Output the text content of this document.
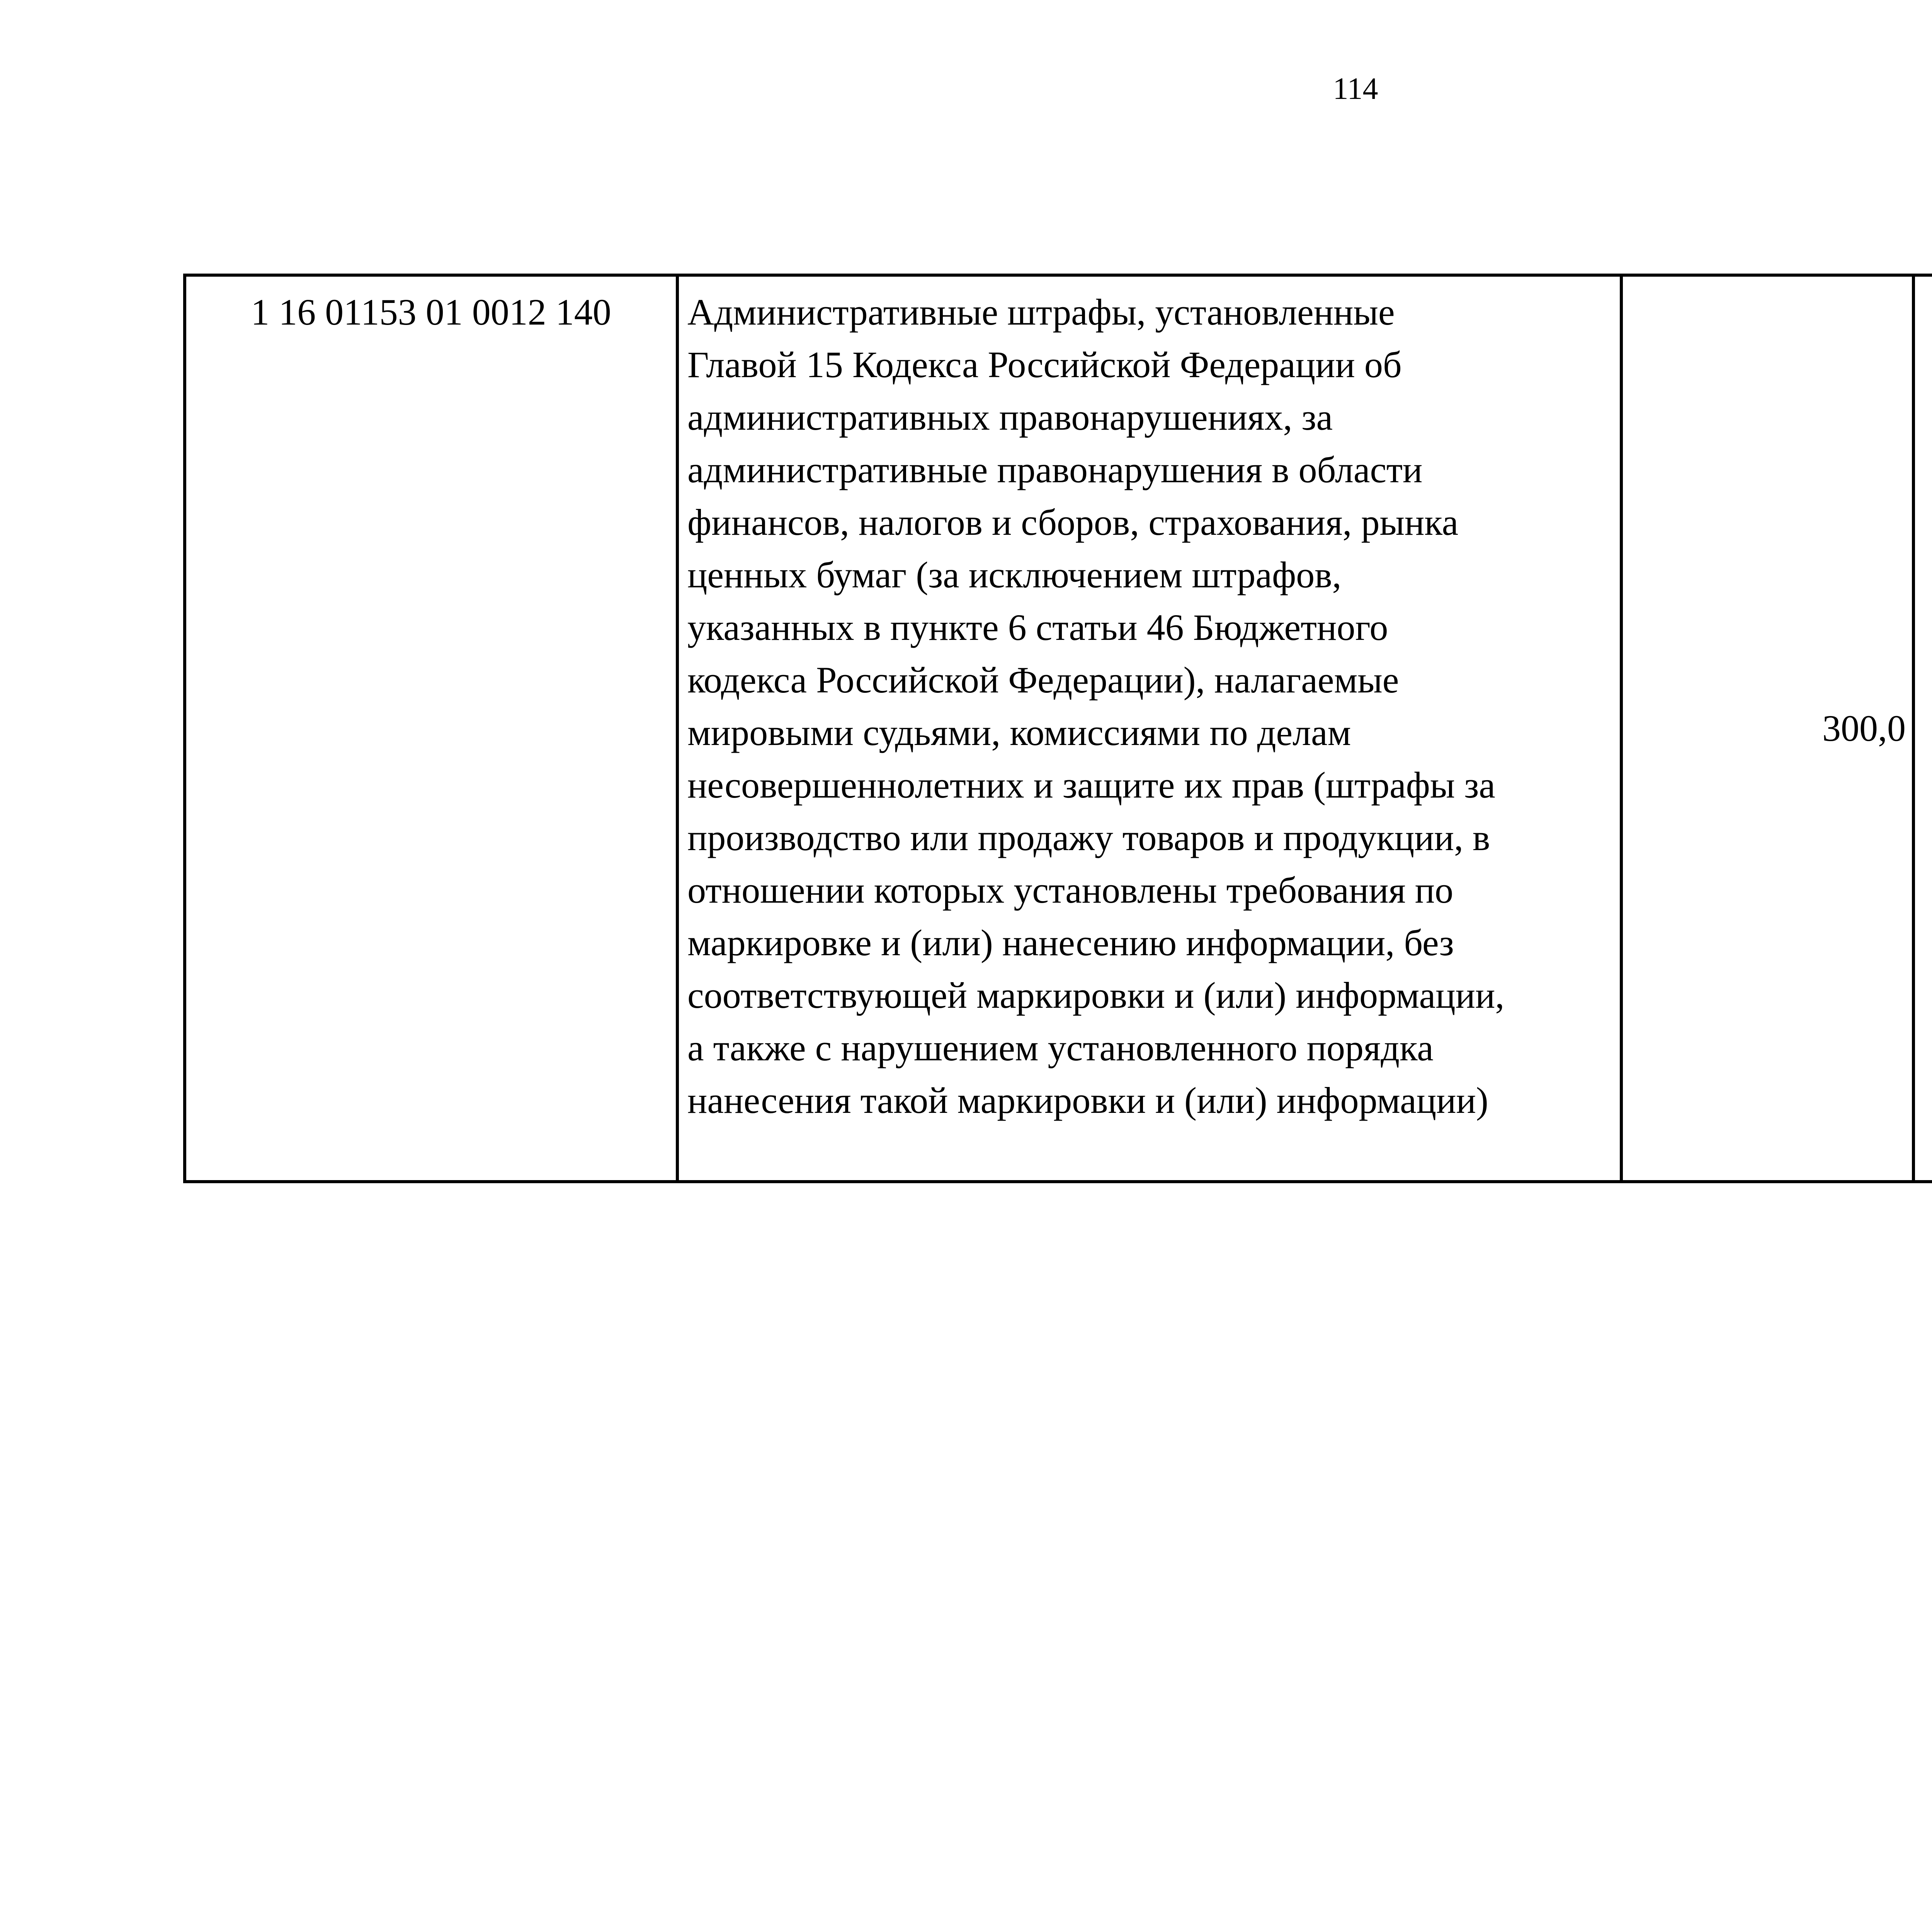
114
1 16 01153 01 0012 140	Административные штрафы, установленные
Главой 15 Кодекса Российской Федерации об
административных правонарушениях, за
административные правонарушения в области
финансов, налогов и сборов, страхования, рынка
ценных бумаг (за исключением штрафов,
указанных в пункте 6 статьи 46 Бюджетного
кодекса Российской Федерации), налагаемые
мировыми судьями, комиссиями по делам
несовершеннолетних и защите их прав (штрафы за
производство или продажу товаров и продукции, в
отношении которых установлены требования по
маркировке и (или) нанесению информации, без
соответствующей маркировки и (или) информации,
а также с нарушением установленного порядка
нанесения такой маркировки и (или) информации)
	300,0		
